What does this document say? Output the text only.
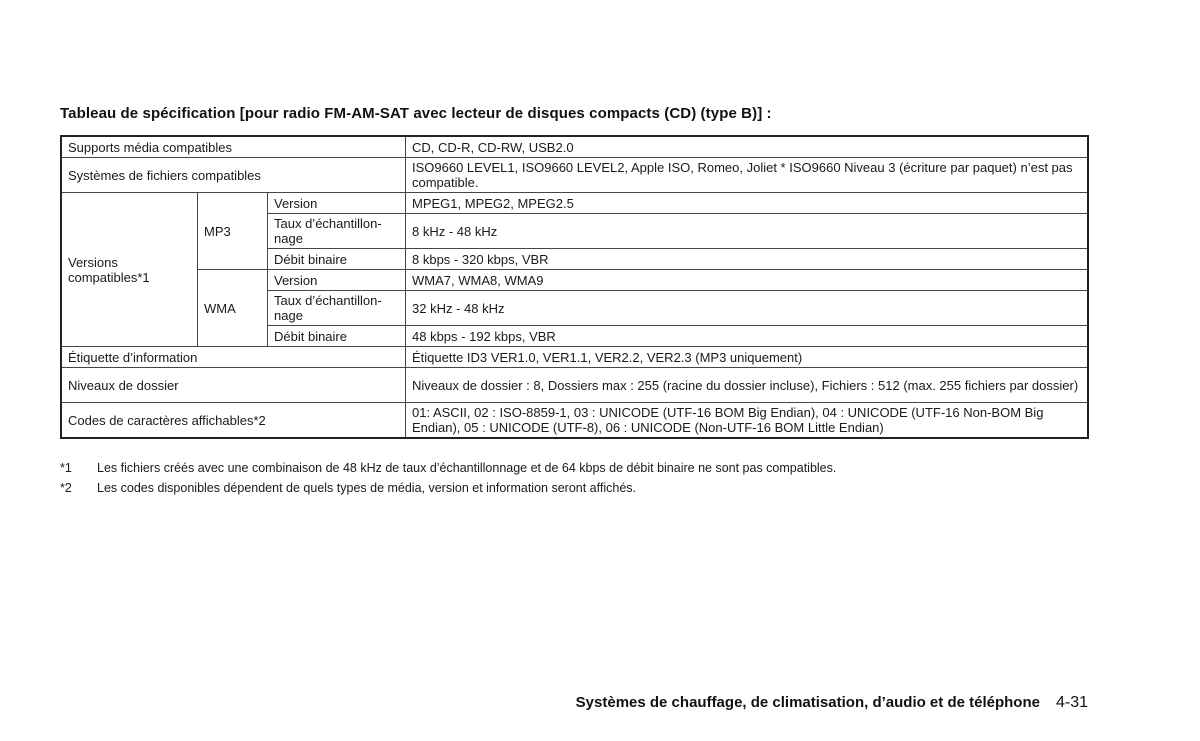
Tableau de spécification [pour radio FM-AM-SAT avec lecteur de disques compacts (CD) (type B)] :
Supports média compatibles			CD, CD-R, CD-RW, USB2.0
Systèmes de fichiers compatibles			ISO9660 LEVEL1, ISO9660 LEVEL2, Apple ISO, Romeo, Joliet * ISO9660 Niveau 3 (écriture par paquet) n’est pas compatible.
Versions compatibles*1	MP3	Version	MPEG1, MPEG2, MPEG2.5
		Taux d’échantillon-nage	8 kHz - 48 kHz
		Débit binaire	8 kbps - 320 kbps, VBR
	WMA	Version	WMA7, WMA8, WMA9
		Taux d’échantillon-nage	32 kHz - 48 kHz
		Débit binaire	48 kbps - 192 kbps, VBR
Étiquette d’information			Étiquette ID3 VER1.0, VER1.1, VER2.2, VER2.3 (MP3 uniquement)
Niveaux de dossier			Niveaux de dossier : 8, Dossiers max : 255 (racine du dossier incluse), Fichiers : 512 (max. 255 fichiers par dossier)
Codes de caractères affichables*2			01: ASCII, 02 : ISO-8859-1, 03 : UNICODE (UTF-16 BOM Big Endian), 04 : UNICODE (UTF-16 Non-BOM Big Endian), 05 : UNICODE (UTF-8), 06 : UNICODE (Non-UTF-16 BOM Little Endian)
*1	Les fichiers créés avec une combinaison de 48 kHz de taux d’échantillonnage et de 64 kbps de débit binaire ne sont pas compatibles.
*2	Les codes disponibles dépendent de quels types de média, version et information seront affichés.
Systèmes de chauffage, de climatisation, d’audio et de téléphone 4-31
